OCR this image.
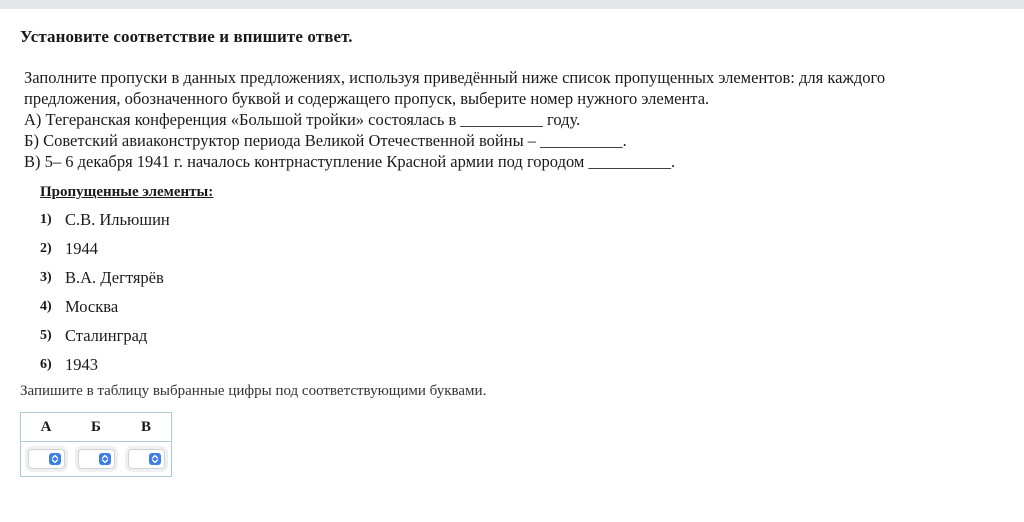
Установите соответствие и впишите ответ.
Заполните пропуски в данных предложениях, используя приведённый ниже список пропущенных элементов: для каждого
предложения, обозначенного буквой и содержащего пропуск, выберите номер нужного элемента.
А) Тегеранская конференция «Большой тройки» состоялась в __________ году.
Б) Советский авиаконструктор периода Великой Отечественной войны – __________.
В) 5– 6 декабря 1941 г. началось контрнаступление Красной армии под городом __________.
Пропущенные элементы:
1) С.В. Ильюшин
2) 1944
3) В.А. Дегтярёв
4) Москва
5) Сталинград
6) 1943
Запишите в таблицу выбранные цифры под соответствующими буквами.
А	Б	В
